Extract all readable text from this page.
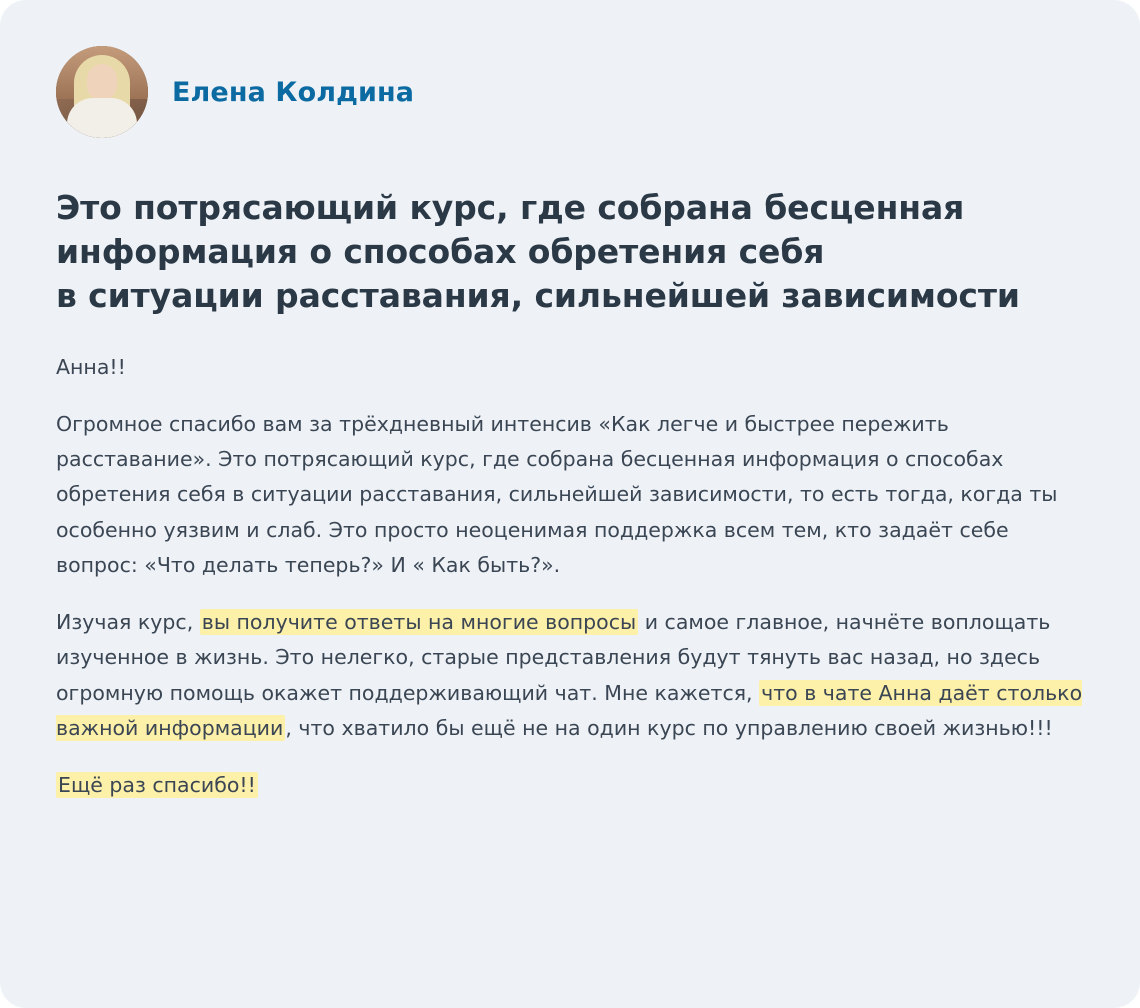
Елена Колдина
Это потрясающий курс, где собрана бесценная
информация о способах обретения себя
в ситуации расставания, сильнейшей зависимости

Анна!!

Огромное спасибо вам за трёхдневный интенсив «Как легче и быстрее пережить расставание». Это потрясающий курс, где собрана бесценная информация о способах обретения себя в ситуации расставания, сильнейшей зависимости, то есть тогда, когда ты особенно уязвим и слаб. Это просто неоценимая поддержка всем тем, кто задаёт себе вопрос: «Что делать теперь?» И « Как быть?».

Изучая курс, вы получите ответы на многие вопросы и самое главное, начнёте воплощать изученное в жизнь. Это нелегко, старые представления будут тянуть вас назад, но здесь огромную помощь окажет поддерживающий чат. Мне кажется, что в чате Анна даёт столько важной информации, что хватило бы ещё не на один курс по управлению своей жизнью!!!

Ещё раз спасибо!!
